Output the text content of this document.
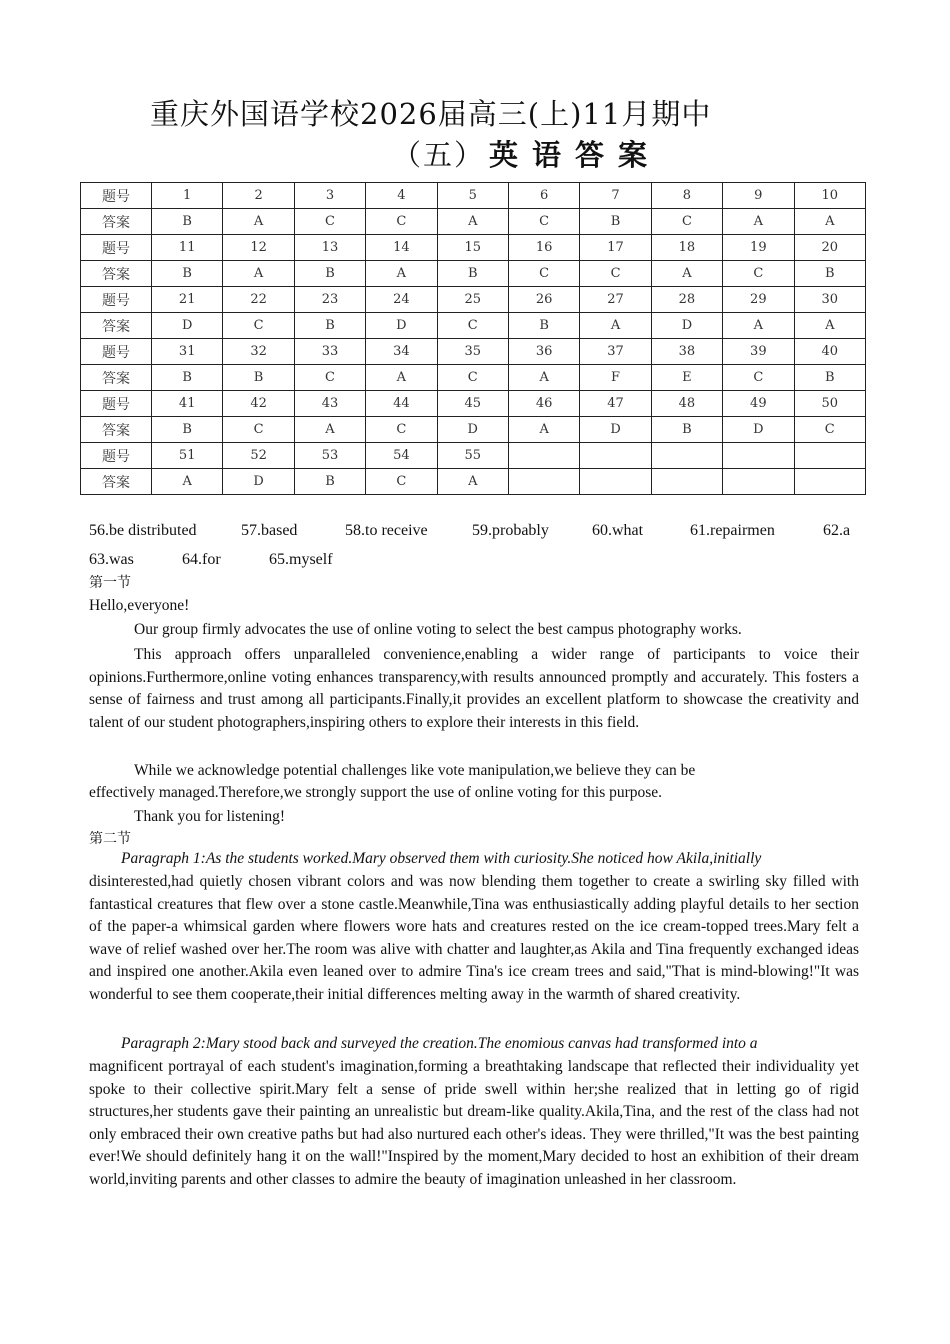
重庆外国语学校2026届高三(上)11月期中
（五） 英语答案
题号	1	2	3	4	5	6	7	8	9	10
答案	B	A	C	C	A	C	B	C	A	A
题号	11	12	13	14	15	16	17	18	19	20
答案	B	A	B	A	B	C	C	A	C	B
题号	21	22	23	24	25	26	27	28	29	30
答案	D	C	B	D	C	B	A	D	A	A
题号	31	32	33	34	35	36	37	38	39	40
答案	B	B	C	A	C	A	F	E	C	B
题号	41	42	43	44	45	46	47	48	49	50
答案	B	C	A	C	D	A	D	B	D	C
题号	51	52	53	54	55					
答案	A	D	B	C	A					
56.be distributed	57.based	58.to receive	59.probably	60.what	61.repairmen	62.a
63.was	64.for	65.myself
第一节
Hello,everyone!
Our group firmly advocates the use of online voting to select the best campus photography works.
This approach offers unparalleled convenience,enabling a wider range of participants to voice their opinions.Furthermore,online voting enhances transparency,with results announced promptly and accurately. This fosters a sense of fairness and trust among all participants.Finally,it provides an excellent platform to showcase the creativity and talent of our student photographers,inspiring others to explore their interests in this field.
While we acknowledge potential challenges like vote manipulation,we believe they can be
effectively managed.Therefore,we strongly support the use of online voting for this purpose.
Thank you for listening!
第二节
Paragraph 1:As the students worked.Mary observed them with curiosity.She noticed how Akila,initially
disinterested,had quietly chosen vibrant colors and was now blending them together to create a swirling sky filled with fantastical creatures that flew over a stone castle.Meanwhile,Tina was enthusiastically adding playful details to her section of the paper-a whimsical garden where flowers wore hats and creatures rested on the ice cream-topped trees.Mary felt a wave of relief washed over her.The room was alive with chatter and laughter,as Akila and Tina frequently exchanged ideas and inspired one another.Akila even leaned over to admire Tina's ice cream trees and said,"That is mind-blowing!"It was wonderful to see them cooperate,their initial differences melting away in the warmth of shared creativity.
Paragraph 2:Mary stood back and surveyed the creation.The enomious canvas had transformed into a
magnificent portrayal of each student's imagination,forming a breathtaking landscape that reflected their individuality yet spoke to their collective spirit.Mary felt a sense of pride swell within her;she realized that in letting go of rigid structures,her students gave their painting an unrealistic but dream-like quality.Akila,Tina, and the rest of the class had not only embraced their own creative paths but had also nurtured each other's ideas. They were thrilled,"It was the best painting ever!We should definitely hang it on the wall!"Inspired by the moment,Mary decided to host an exhibition of their dream world,inviting parents and other classes to admire the beauty of imagination unleashed in her classroom.
